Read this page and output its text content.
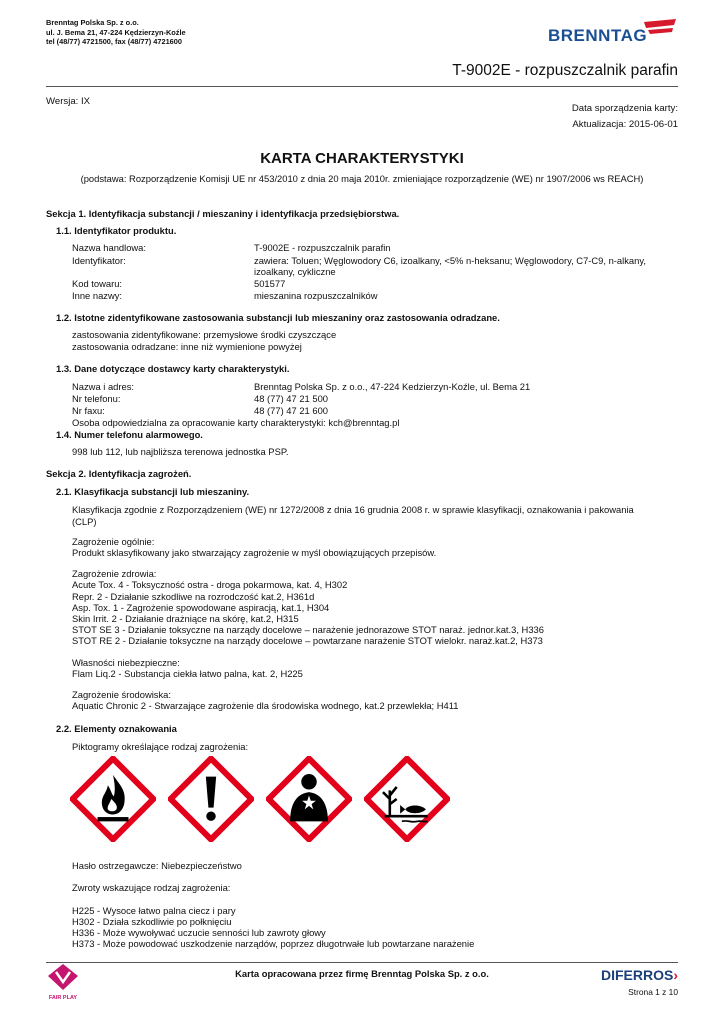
Brenntag Polska Sp. z o.o.
ul. J. Bema 21, 47-224 Kędzierzyn-Koźle
tel (48/77) 4721500, fax (48/77) 4721600	BRENNTAG
T-9002E - rozpuszczalnik parafin
Wersja: IX
Data sporządzenia karty:
Aktualizacja: 2015-06-01
KARTA CHARAKTERYSTYKI
(podstawa: Rozporządzenie Komisji UE nr 453/2010 z dnia 20 maja 2010r. zmieniające rozporządzenie (WE) nr 1907/2006 ws REACH)
Sekcja 1. Identyfikacja substancji / mieszaniny i identyfikacja przedsiębiorstwa.
1.1. Identyfikator produktu.
Nazwa handlowa:	T-9002E - rozpuszczalnik parafin
Identyfikator:	zawiera: Toluen; Węglowodory C6, izoalkany, <5% n-heksanu; Węglowodory, C7-C9, n-alkany, izoalkany, cykliczne
Kod towaru:	501577
Inne nazwy:	mieszanina rozpuszczalników
1.2. Istotne zidentyfikowane zastosowania substancji lub mieszaniny oraz zastosowania odradzane.
zastosowania zidentyfikowane: przemysłowe środki czyszczące
zastosowania odradzane: inne niż wymienione powyżej
1.3. Dane dotyczące dostawcy karty charakterystyki.
Nazwa i adres:	Brenntag Polska Sp. z o.o., 47-224 Kedzierzyn-Koźle, ul. Bema 21
Nr telefonu:	48 (77) 47 21 500
Nr faxu:	48 (77) 47 21 600
Osoba odpowiedzialna za opracowanie karty charakterystyki: kch@brenntag.pl
1.4. Numer telefonu alarmowego.
998 lub 112, lub najbliższa terenowa jednostka PSP.
Sekcja 2. Identyfikacja zagrożeń.
2.1. Klasyfikacja substancji lub mieszaniny.
Klasyfikacja zgodnie z Rozporządzeniem (WE) nr 1272/2008 z dnia 16 grudnia 2008 r. w sprawie klasyfikacji, oznakowania i pakowania
(CLP)
Zagrożenie ogólnie:
Produkt sklasyfikowany jako stwarzający zagrożenie w myśl obowiązujących przepisów.
Zagrożenie zdrowia:
Acute Tox. 4 - Toksyczność ostra - droga pokarmowa, kat. 4, H302
Repr. 2 - Działanie szkodliwe na rozrodczość kat.2, H361d
Asp. Tox. 1 - Zagrożenie spowodowane aspiracją, kat.1, H304
Skin Irrit. 2 - Działanie drażniące na skórę, kat.2, H315
STOT SE 3 - Działanie toksyczne na narządy docelowe – narażenie jednorazowe STOT naraż. jednor.kat.3, H336
STOT RE 2 - Działanie toksyczne na narządy docelowe – powtarzane narażenie STOT wielokr. naraż.kat.2, H373
Własności niebezpieczne:
Flam Liq.2 - Substancja ciekła łatwo palna, kat. 2, H225
Zagrożenie środowiska:
Aquatic Chronic 2 - Stwarzające zagrożenie dla środowiska wodnego, kat.2 przewlekła; H411
2.2. Elementy oznakowania
Piktogramy określające rodzaj zagrożenia:
Hasło ostrzegawcze: Niebezpieczeństwo
Zwroty wskazujące rodzaj zagrożenia:
H225 - Wysoce łatwo palna ciecz i pary
H302 - Działa szkodliwie po połknięciu
H336 - Może wywoływać uczucie senności lub zawroty głowy
H373 - Może powodować uszkodzenie narządów, poprzez długotrwałe lub powtarzane narażenie
FAIR PLAY
Karta opracowana przez firmę Brenntag Polska Sp. z o.o.	DIFERROS›
Strona 1 z 10
